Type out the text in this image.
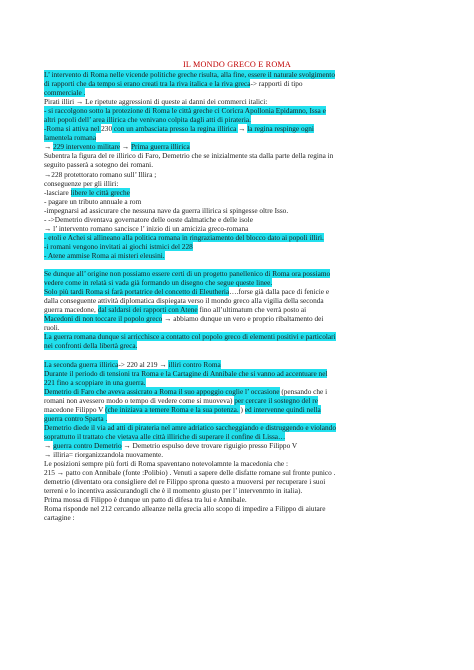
IL MONDO GRECO E ROMA
L’ intervento di Roma nelle vicende politiche greche risulta, alla fine, essere il naturale svolgimento
di rapporti che da tempo si erano creati tra la riva italica e la riva greca-> rapporti di tipo
commerciale .
Pirati illiri → Le ripetute aggressioni di queste ai danni dei commerci italici:
- si raccolgono sotto la protezione di Roma le città greche ci Corìcra Apollonia Epidamno, Issa e
altri popoli dell’ area illirica che venivano colpita dagli atti di pirateria.
-Roma si attiva nel 230 con un ambasciata presso la regina illirica → la regina respinge ogni
lamentela romana
→ 229 intervento militare → Prima guerra illirica
Subentra la figura del re illirico di Faro, Demetrio che se inizialmente sta dalla parte della regina in
seguito passerà a sotegno dei romani.
→228 protettorato romano sull’ Illira ;
conseguenze per gli illiri:
-lasciare libere le città greche
- pagare un tributo annuale a rom
-impegnarsi ad assicurare che nessuna nave da guerra illirica si spingesse oltre Isso.
- ->Demetrio diventava governatore delle ooste dalmatiche e delle isole
→ l’ intervento romano sancisce l’ inizio di un amicizia greco-romana
- etoli e Achei si allineano alla politica romana in ringraziamento del blocco dato ai popoli illiri.
-i romani vengono invitati ai giochi istmici del 228
- Atene ammise Roma ai misteri eleusini.
Se dunque all’ origine non possiamo essere certi di un progetto panellenico di Roma ora possiamo
vedere come in relatà si vada già formando un disegno che segue queste linee.
Solo più tardi Roma si farà portatrice del concetto di Eleutheria….forse già dalla pace di fenicie e
dalla conseguente attività diplomatica dispiegata verso il mondo greco alla vigilia della seconda
guerra macedone, dal saldarsi dei rapporti con Atene fino all’ultimatum che verrà posto ai
Macedoni di non toccare il popolo greco → abbiamo dunque un vero e proprio ribaltamento dei
ruoli.
La guerra romana dunque si arricchisce a contatto col popolo greco di elementi positivi e particolari
nei confronti della libertà greca.
La seconda guerra illirica-> 220 al 219 → illiri contro Roma
Durante il periodo di tensioni tra Roma e la Cartagine di Annibale che si vanno ad accentuare nel
221 fino a scoppiare in una guerra.
Demetrio di Faro che aveva assicrato a Roma il suo appoggio coglie l’ occasione (pensando che i
romani non avessero modo o tempo di vedere come si muoveva) per cercare il sostegno del re
macedone Filippo V (che iniziava a temere Roma e la sua potenza. ) ed intervenne quindi nella
guerra contro Sparta .
Demetrio diede il via ad atti di pirateria nel amre adriatico saccheggiando e distruggendo e violando
soprattutto il trattato che vietava alle città illiriche di superare il confine di Lissa…
→ guerra contro Demetrio → Demetrio espulso deve trovare riguigio presso Filippo V
→ illiria= riorganizzandola nuovamente.
Le posizioni sempre più forti di Roma spaventano notevolamnte la macedonia che :
215 → patto con Annibale (fonte :Polibio) . Venuti a sapere delle disfatte romane sul fronte punico .
demetrio (diventato ora consigliere del re Filippo sprona questo a muoversi per recuperare i suoi
terreni e lo incentiva assicurandogli che è il momento giusto per l’ intervenmto in italia).
Prima mossa di Filippo è dunque un patto di difesa tra lui e Annibale.
Roma risponde nel 212 cercando alleanze nella grecia allo scopo di impedire a Filippo di aiutare
cartagine :
